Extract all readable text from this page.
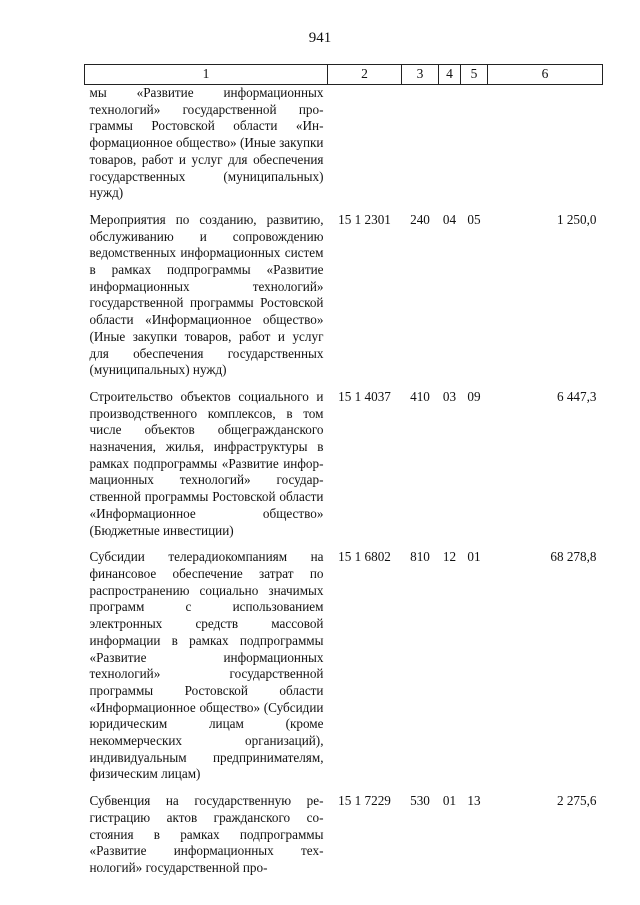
941
1	2	3	4	5	6
мы «Развитие информационных технологий» государственной программы Ростовской области «Информационное общество» (Иные закупки товаров, работ и услуг для обеспечения государственных (муниципальных) нужд)					
Мероприятия по созданию, развитию, обслуживанию и сопровождению ведомственных информационных систем в рамках подпрограммы «Развитие информационных технологий» государственной программы Ростовской области «Информационное общество» (Иные закупки товаров, работ и услуг для обеспечения государственных (муниципальных) нужд)	15 1 2301	240	04	05	1 250,0
Строительство объектов социального и производственного комплексов, в том числе объектов общегражданского назначения, жилья, инфраструктуры в рамках подпрограммы «Развитие информационных технологий» государственной программы Ростовской области «Информационное общество» (Бюджетные инвестиции)	15 1 4037	410	03	09	6 447,3
Субсидии телерадиокомпаниям на финансовое обеспечение затрат по распространению социально значимых программ с использованием электронных средств массовой информации в рамках подпрограммы «Развитие информационных технологий» государственной программы Ростовской области «Информационное общество» (Субсидии юридическим лицам (кроме некоммерческих организаций), индивидуальным предпринимателям, физическим лицам)	15 1 6802	810	12	01	68 278,8
Субвенция на государственную регистрацию актов гражданского состояния в рамках подпрограммы «Развитие информационных технологий» государственной про-	15 1 7229	530	01	13	2 275,6
